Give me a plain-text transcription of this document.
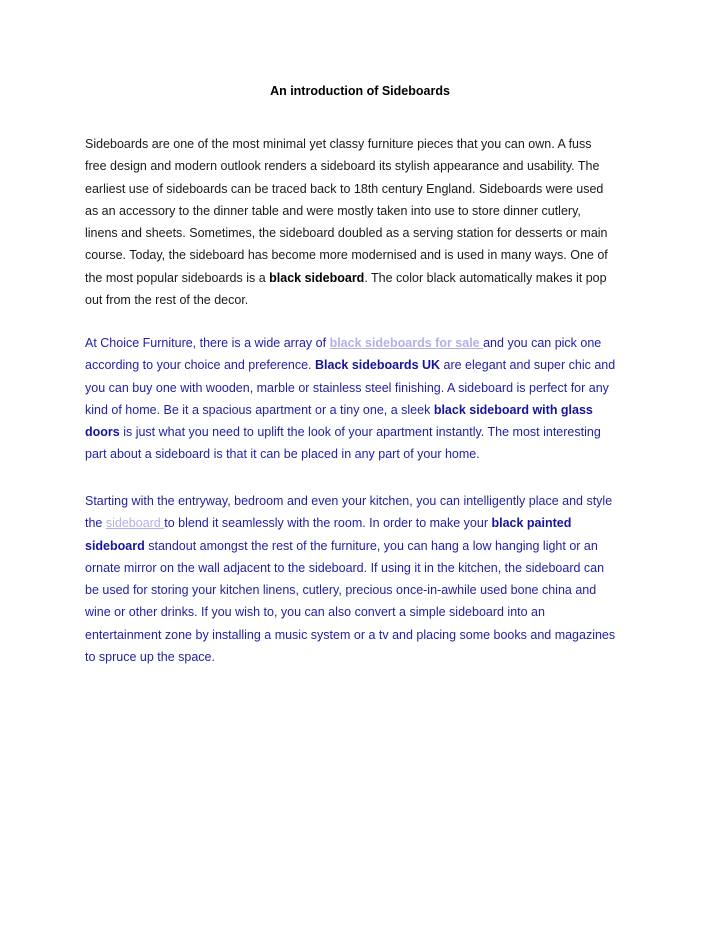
An introduction of Sideboards

Sideboards are one of the most minimal yet classy furniture pieces that you can own. A fuss
free design and modern outlook renders a sideboard its stylish appearance and usability. The
earliest use of sideboards can be traced back to 18th century England. Sideboards were used
as an accessory to the dinner table and were mostly taken into use to store dinner cutlery,
linens and sheets. Sometimes, the sideboard doubled as a serving station for desserts or main
course. Today, the sideboard has become more modernised and is used in many ways. One of
the most popular sideboards is a black sideboard. The color black automatically makes it pop
out from the rest of the decor.

At Choice Furniture, there is a wide array of black sideboards for sale and you can pick one
according to your choice and preference. Black sideboards UK are elegant and super chic and
you can buy one with wooden, marble or stainless steel finishing. A sideboard is perfect for any
kind of home. Be it a spacious apartment or a tiny one, a sleek black sideboard with glass
doors is just what you need to uplift the look of your apartment instantly. The most interesting
part about a sideboard is that it can be placed in any part of your home.

Starting with the entryway, bedroom and even your kitchen, you can intelligently place and style
the sideboard to blend it seamlessly with the room. In order to make your black painted
sideboard standout amongst the rest of the furniture, you can hang a low hanging light or an
ornate mirror on the wall adjacent to the sideboard. If using it in the kitchen, the sideboard can
be used for storing your kitchen linens, cutlery, precious once-in-awhile used bone china and
wine or other drinks. If you wish to, you can also convert a simple sideboard into an
entertainment zone by installing a music system or a tv and placing some books and magazines
to spruce up the space.
